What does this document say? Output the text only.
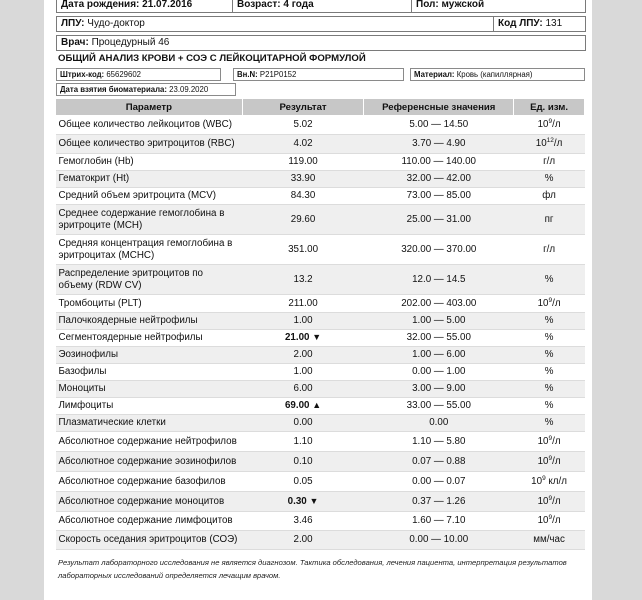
Дата рождения: 21.07.2016	Возраст: 4 года	Пол: мужской
ЛПУ: Чудо-доктор	Код ЛПУ: 131
Врач: Процедурный 46
ОБЩИЙ АНАЛИЗ КРОВИ + СОЭ С ЛЕЙКОЦИТАРНОЙ ФОРМУЛОЙ
Штрих-код: 65629602	Вн.N: P21P0152	Материал: Кровь (капиллярная)
Дата взятия биоматериала: 23.09.2020
Параметр	Результат	Референсные значения	Ед. изм.
Общее количество лейкоцитов (WBC)	5.02	5.00 — 14.50	$10^9/л$
Общее количество эритроцитов (RBC)	4.02	3.70 — 4.90	$10^{12}/л$
Гемоглобин (Hb)	119.00	110.00 — 140.00	г/л
Гематокрит (Ht)	33.90	32.00 — 42.00	%
Средний объем эритроцита (MCV)	84.30	73.00 — 85.00	фл
Среднее содержание гемоглобина в эритроците (MCH)	29.60	25.00 — 31.00	пг
Средняя концентрация гемоглобина в эритроцитах (MCHC)	351.00	320.00 — 370.00	г/л
Распределение эритроцитов по объему (RDW CV)	13.2	12.0 — 14.5	%
Тромбоциты (PLT)	211.00	202.00 — 403.00	$10^9/л$
Палочкоядерные нейтрофилы	1.00	1.00 — 5.00	%
Сегментоядерные нейтрофилы	21.00 ▼	32.00 — 55.00	%
Эозинофилы	2.00	1.00 — 6.00	%
Базофилы	1.00	0.00 — 1.00	%
Моноциты	6.00	3.00 — 9.00	%
Лимфоциты	69.00 ▲	33.00 — 55.00	%
Плазматические клетки	0.00	0.00	%
Абсолютное содержание нейтрофилов	1.10	1.10 — 5.80	$10^9/л$
Абсолютное содержание эозинофилов	0.10	0.07 — 0.88	$10^9/л$
Абсолютное содержание базофилов	0.05	0.00 — 0.07	$10^9$ кл/л
Абсолютное содержание моноцитов	0.30 ▼	0.37 — 1.26	$10^9/л$
Абсолютное содержание лимфоцитов	3.46	1.60 — 7.10	$10^9/л$
Скорость оседания эритроцитов (СОЭ)	2.00	0.00 — 10.00	мм/час
Результат лабораторного исследования не является диагнозом. Тактика обследования, лечения пациента, интерпретация результатов лабораторных исследований определяется лечащим врачом.
